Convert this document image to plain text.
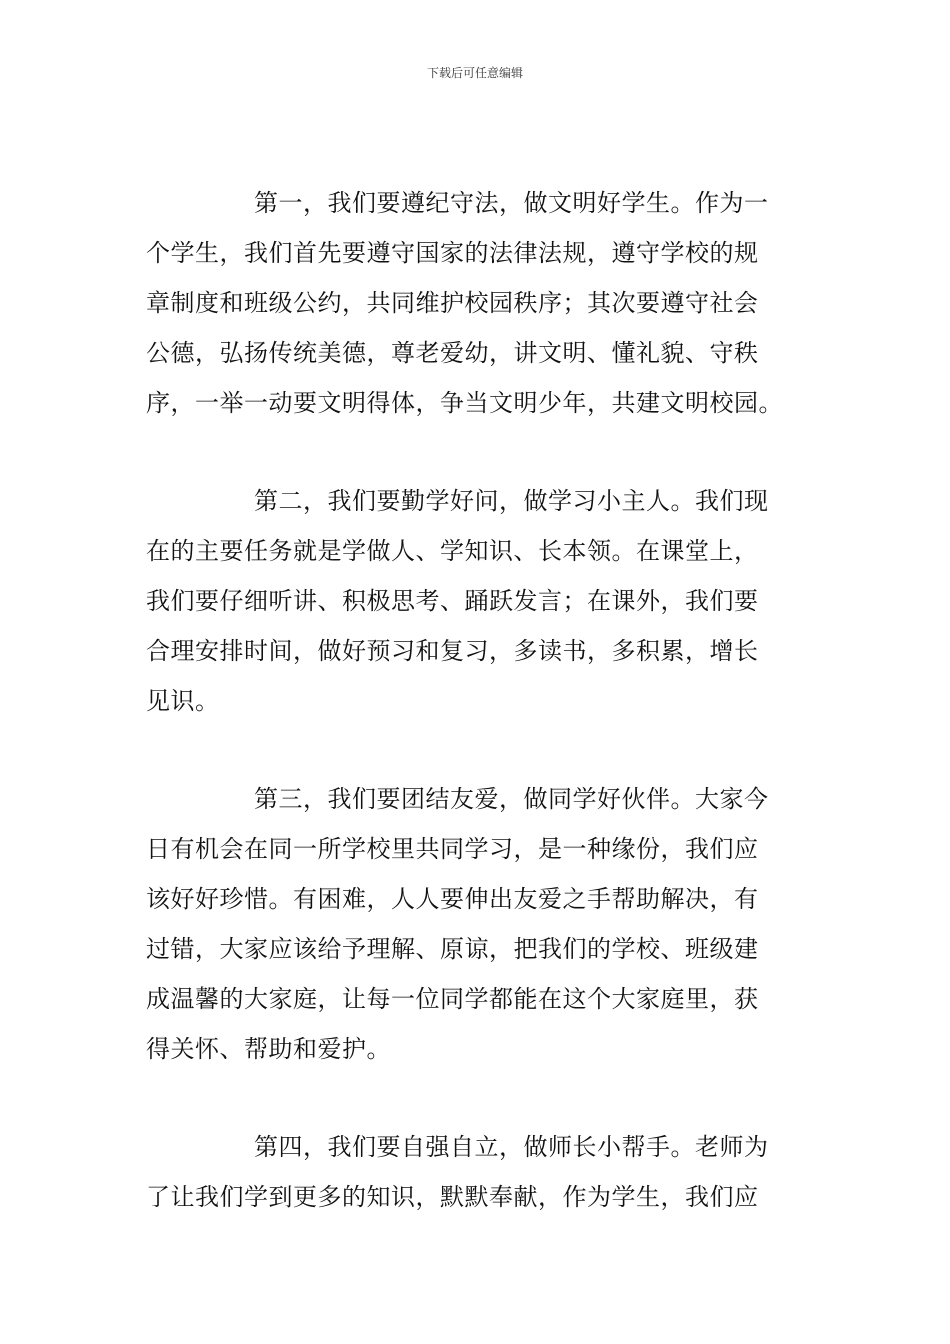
下载后可任意编辑
第一，我们要遵纪守法，做文明好学生。作为一
个学生，我们首先要遵守国家的法律法规，遵守学校的规
章制度和班级公约，共同维护校园秩序；其次要遵守社会
公德，弘扬传统美德，尊老爱幼，讲文明、懂礼貌、守秩
序，一举一动要文明得体，争当文明少年，共建文明校园。
第二，我们要勤学好问，做学习小主人。我们现
在的主要任务就是学做人、学知识、长本领。在课堂上，
我们要仔细听讲、积极思考、踊跃发言；在课外，我们要
合理安排时间，做好预习和复习，多读书，多积累，增长
见识。
第三，我们要团结友爱，做同学好伙伴。大家今
日有机会在同一所学校里共同学习，是一种缘份，我们应
该好好珍惜。有困难，人人要伸出友爱之手帮助解决，有
过错，大家应该给予理解、原谅，把我们的学校、班级建
成温馨的大家庭，让每一位同学都能在这个大家庭里，获
得关怀、帮助和爱护。
第四，我们要自强自立，做师长小帮手。老师为
了让我们学到更多的知识，默默奉献，作为学生，我们应
